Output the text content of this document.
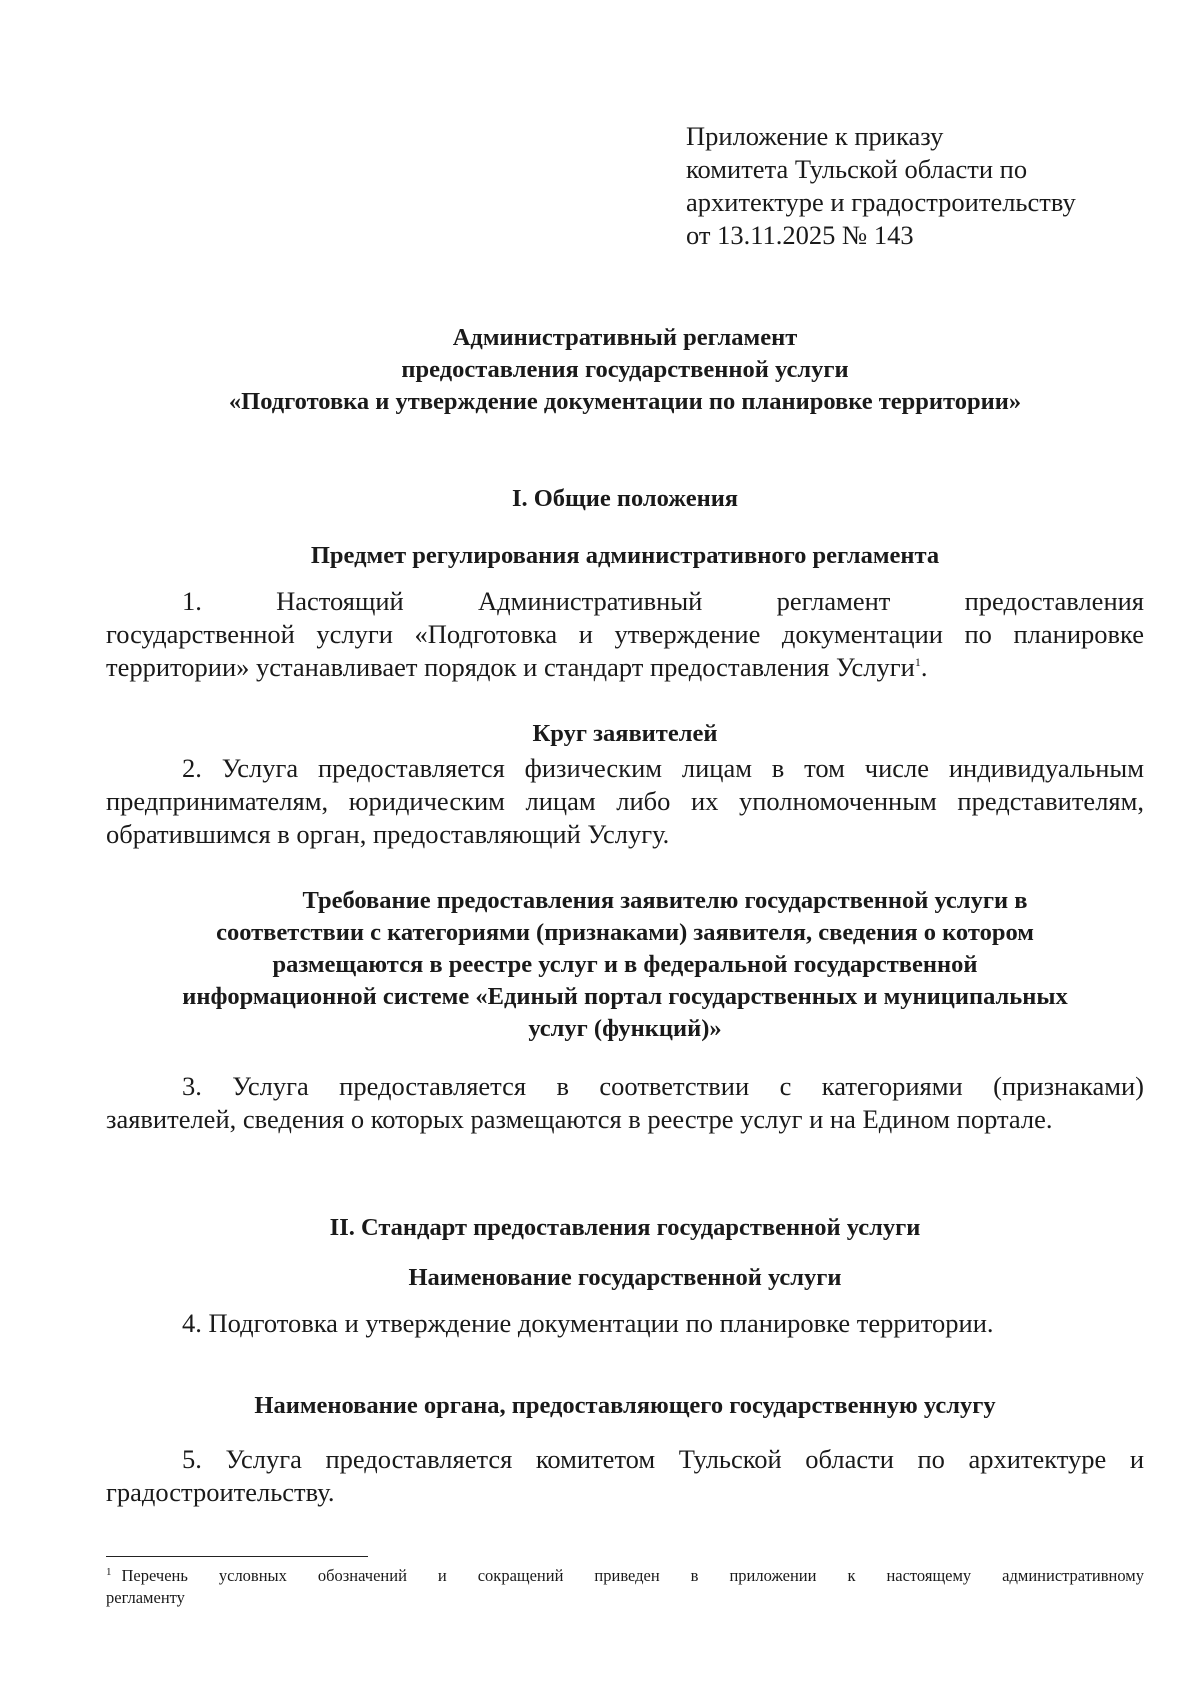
Приложение к приказу
комитета Тульской области по
архитектуре и градостроительству
от 13.11.2025 № 143
Административный регламент
предоставления государственной услуги
«Подготовка и утверждение документации по планировке территории»
I. Общие положения
Предмет регулирования административного регламента
1. Настоящий Административный регламент предоставления
государственной услуги «Подготовка и утверждение документации по планировке
территории» устанавливает порядок и стандарт предоставления Услуги$^1$.
Круг заявителей
2. Услуга предоставляется физическим лицам в том числе индивидуальным
предпринимателям, юридическим лицам либо их уполномоченным представителям,
обратившимся в орган, предоставляющий Услугу.
Требование предоставления заявителю государственной услуги в
соответствии с категориями (признаками) заявителя, сведения о котором
размещаются в реестре услуг и в федеральной государственной
информационной системе «Единый портал государственных и муниципальных
услуг (функций)»
3. Услуга предоставляется в соответствии с категориями (признаками)
заявителей, сведения о которых размещаются в реестре услуг и на Едином портале.
II. Стандарт предоставления государственной услуги
Наименование государственной услуги
4. Подготовка и утверждение документации по планировке территории.
Наименование органа, предоставляющего государственную услугу
5. Услуга предоставляется комитетом Тульской области по архитектуре и
градостроительству.
$^1$ Перечень условных обозначений и сокращений приведен в приложении к настоящему административному
регламенту
